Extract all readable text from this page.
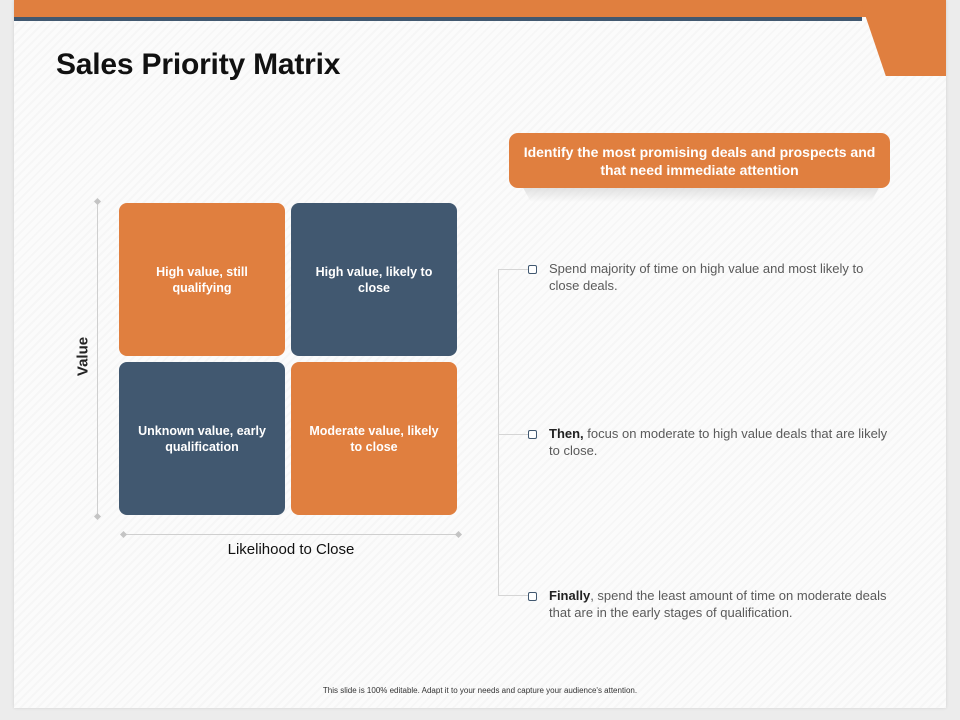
Sales Priority Matrix
Identify the most promising deals and prospects and that need immediate attention
Value
Likelihood to Close
High value, still qualifying
High value, likely to close
Unknown value, early qualification
Moderate value, likely to close
Spend majority of time on high value and most likely to close deals.
Then, focus on moderate to high value deals that are likely to close.
Finally, spend the least amount of time on moderate deals that are in the early stages of qualification.
This slide is 100% editable. Adapt it to your needs and capture your audience's attention.
